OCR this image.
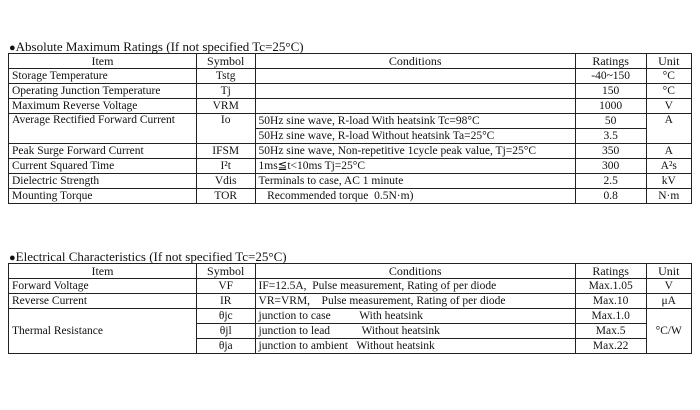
●Absolute Maximum Ratings (If not specified Tc=25°C)
Item	Symbol	Conditions	Ratings	Unit
Storage Temperature	Tstg		-40~150	°C
Operating Junction Temperature	Tj		150	°C
Maximum Reverse Voltage	VRM		1000	V
Average Rectified Forward Current	Io	50Hz sine wave, R-load With heatsink Tc=98°C	50	A
		50Hz sine wave, R-load Without heatsink Ta=25°C	3.5	
Peak Surge Forward Current	IFSM	50Hz sine wave, Non-repetitive 1cycle peak value, Tj=25°C	350	A
Current Squared Time	I²t	1ms≦t<10ms Tj=25°C	300	A²s
Dielectric Strength	Vdis	Terminals to case, AC 1 minute	2.5	kV
Mounting Torque	TOR	Recommended torque  0.5N·m)	0.8	N·m
●Electrical Characteristics (If not specified Tc=25°C)
Item	Symbol	Conditions	Ratings	Unit
Forward Voltage	VF	IF=12.5A,  Pulse measurement, Rating of per diode	Max.1.05	V
Reverse Current	IR	VR=VRM,    Pulse measurement, Rating of per diode	Max.10	μA
Thermal Resistance	θjc	junction to case          With heatsink	Max.1.0	°C/W
	θjl	junction to lead           Without heatsink	Max.5	
	θja	junction to ambient   Without heatsink	Max.22	
